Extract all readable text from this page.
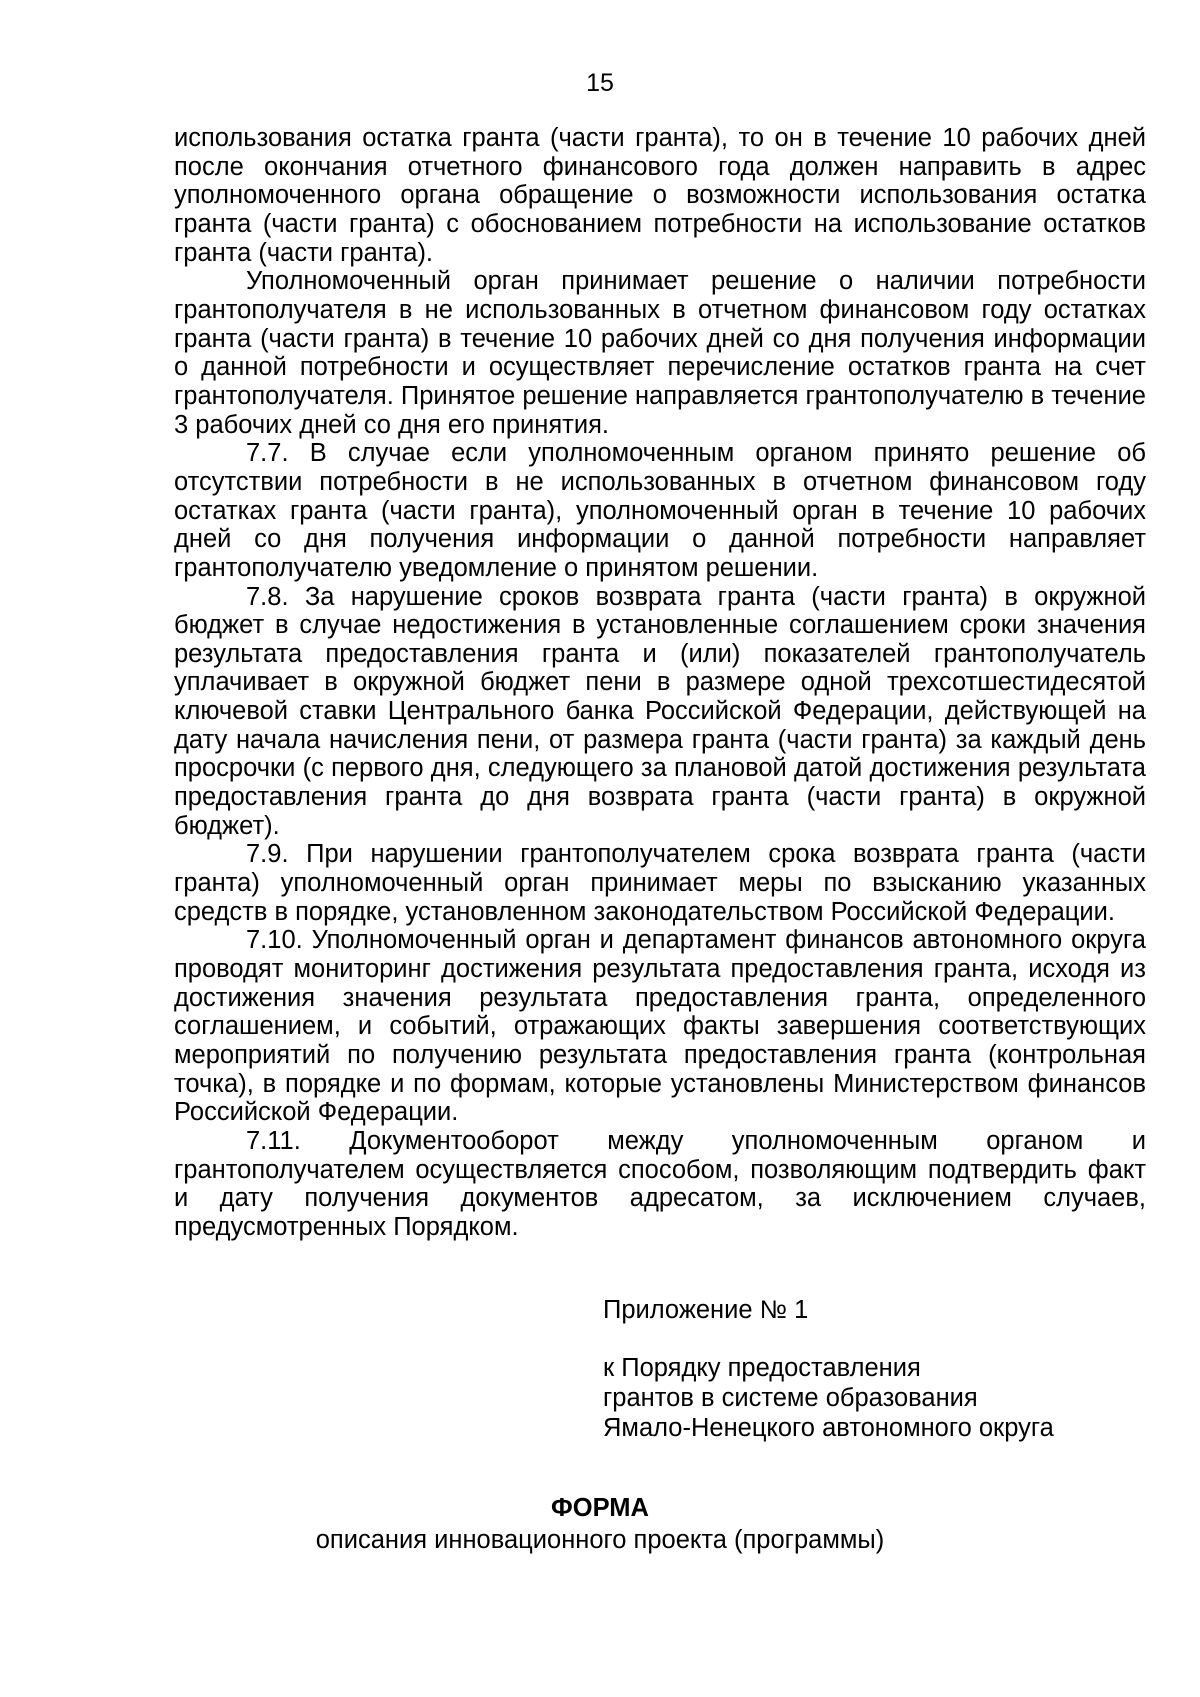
15

использования остатка гранта (части гранта), то он в течение 10 рабочих дней после окончания отчетного финансового года должен направить в адрес уполномоченного органа обращение о возможности использования остатка гранта (части гранта) с обоснованием потребности на использование остатков гранта (части гранта).

Уполномоченный орган принимает решение о наличии потребности грантополучателя в не использованных в отчетном финансовом году остатках гранта (части гранта) в течение 10 рабочих дней со дня получения информации о данной потребности и осуществляет перечисление остатков гранта на счет грантополучателя. Принятое решение направляется грантополучателю в течение 3 рабочих дней со дня его принятия.

7.7. В случае если уполномоченным органом принято решение об отсутствии потребности в не использованных в отчетном финансовом году остатках гранта (части гранта), уполномоченный орган в течение 10 рабочих дней со дня получения информации о данной потребности направляет грантополучателю уведомление о принятом решении.

7.8. За нарушение сроков возврата гранта (части гранта) в окружной бюджет в случае недостижения в установленные соглашением сроки значения результата предоставления гранта и (или) показателей грантополучатель уплачивает в окружной бюджет пени в размере одной трехсотшестидесятой ключевой ставки Центрального банка Российской Федерации, действующей на дату начала начисления пени, от размера гранта (части гранта) за каждый день просрочки (с первого дня, следующего за плановой датой достижения результата предоставления гранта до дня возврата гранта (части гранта) в окружной бюджет).

7.9. При нарушении грантополучателем срока возврата гранта (части гранта) уполномоченный орган принимает меры по взысканию указанных средств в порядке, установленном законодательством Российской Федерации.

7.10. Уполномоченный орган и департамент финансов автономного округа проводят мониторинг достижения результата предоставления гранта, исходя из достижения значения результата предоставления гранта, определенного соглашением, и событий, отражающих факты завершения соответствующих мероприятий по получению результата предоставления гранта (контрольная точка), в порядке и по формам, которые установлены Министерством финансов Российской Федерации.

7.11. Документооборот между уполномоченным органом и грантополучателем осуществляется способом, позволяющим подтвердить факт и дату получения документов адресатом, за исключением случаев, предусмотренных Порядком.

Приложение № 1

к Порядку предоставления

грантов в системе образования

Ямало-Ненецкого автономного округа

ФОРМА
описания инновационного проекта (программы)
